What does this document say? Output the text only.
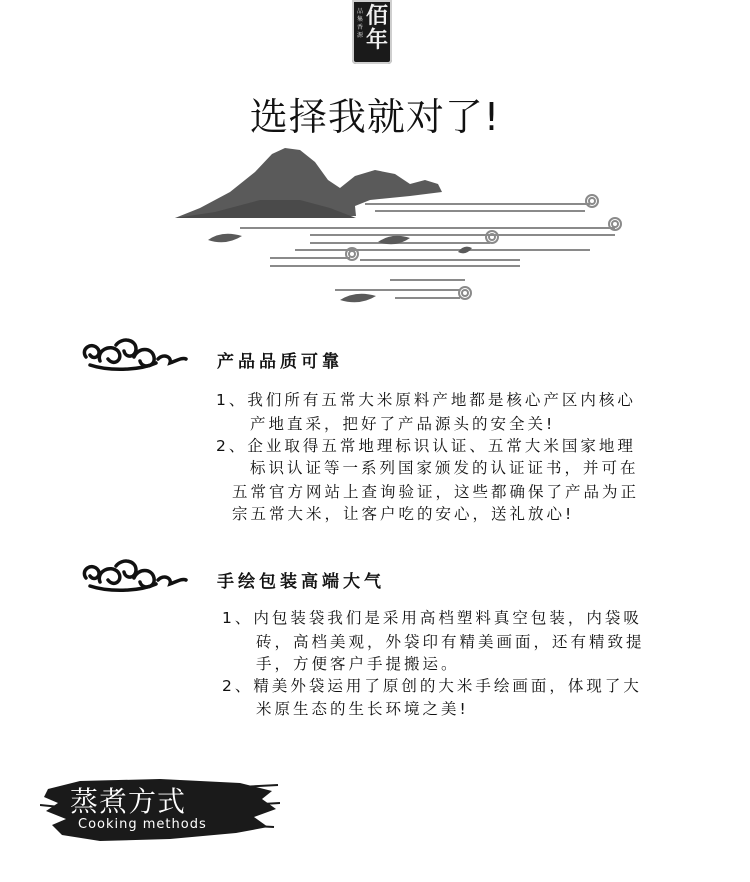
品集香源
佰年
选择我就对了!
产品品质可靠

1、我们所有五常大米原料产地都是核心产区内核心

产地直采，把好了产品源头的安全关!

2、企业取得五常地理标识认证、五常大米国家地理

标识认证等一系列国家颁发的认证证书，并可在

五常官方网站上查询验证，这些都确保了产品为正

宗五常大米，让客户吃的安心，送礼放心!

手绘包装高端大气

1、内包装袋我们是采用高档塑料真空包装，内袋吸

砖，高档美观，外袋印有精美画面，还有精致提

手，方便客户手提搬运。

2、精美外袋运用了原创的大米手绘画面，体现了大

米原生态的生长环境之美!

蒸煮方式
Cooking methods
